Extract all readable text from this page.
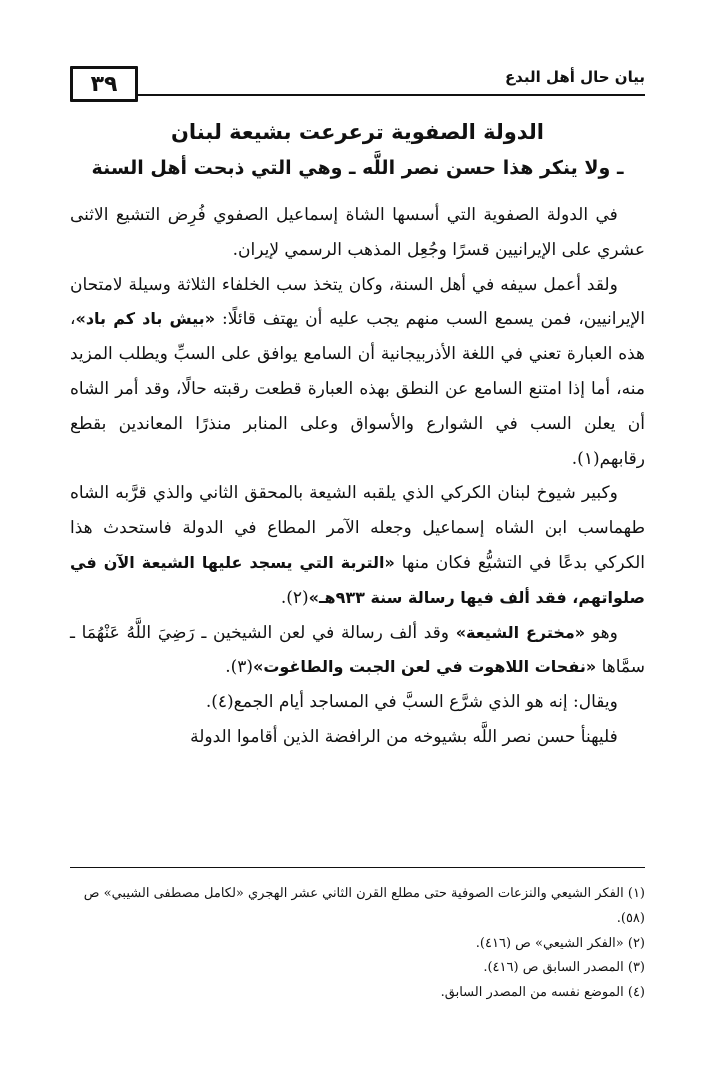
٣٩	بيان حال أهل البدع
الدولة الصفوية ترعرعت بشيعة لبنان
ـ ولا ينكر هذا حسن نصر اللَّه ـ وهي التي ذبحت أهل السنة

في الدولة الصفوية التي أسسها الشاة إسماعيل الصفوي فُرِض التشيع الاثنى عشري على الإيرانيين قسرًا وجُعِل المذهب الرسمي لإيران.

ولقد أعمل سيفه في أهل السنة، وكان يتخذ سب الخلفاء الثلاثة وسيلة لامتحان الإيرانيين، فمن يسمع السب منهم يجب عليه أن يهتف قائلًا: «بيش باد كم باد»، هذه العبارة تعني في اللغة الأذربيجانية أن السامع يوافق على السبِّ ويطلب المزيد منه، أما إذا امتنع السامع عن النطق بهذه العبارة قطعت رقبته حالًا، وقد أمر الشاه أن يعلن السب في الشوارع والأسواق وعلى المنابر منذرًا المعاندين بقطع رقابهم(١).

وكبير شيوخ لبنان الكركي الذي يلقبه الشيعة بالمحقق الثاني والذي قرَّبه الشاه طهماسب ابن الشاه إسماعيل وجعله الآمر المطاع في الدولة فاستحدث هذا الكركي بدعًا في التشيُّع فكان منها «التربة التي يسجد عليها الشيعة الآن في صلواتهم، فقد ألف فيها رسالة سنة ٩٣٣هـ»(٢).

وهو «مخترع الشيعة» وقد ألف رسالة في لعن الشيخين ـ رَضِيَ اللَّهُ عَنْهُمَا ـ سمَّاها «نفحات اللاهوت في لعن الجبت والطاغوت»(٣).

ويقال: إنه هو الذي شرَّع السبَّ في المساجد أيام الجمع(٤).

فليهنأ حسن نصر اللَّه بشيوخه من الرافضة الذين أقاموا الدولة

(١) الفكر الشيعي والنزعات الصوفية حتى مطلع القرن الثاني عشر الهجري «لكامل مصطفى الشيبي» ص (٥٨).

(٢) «الفكر الشيعي» ص (٤١٦).

(٣) المصدر السابق ص (٤١٦).

(٤) الموضع نفسه من المصدر السابق.
